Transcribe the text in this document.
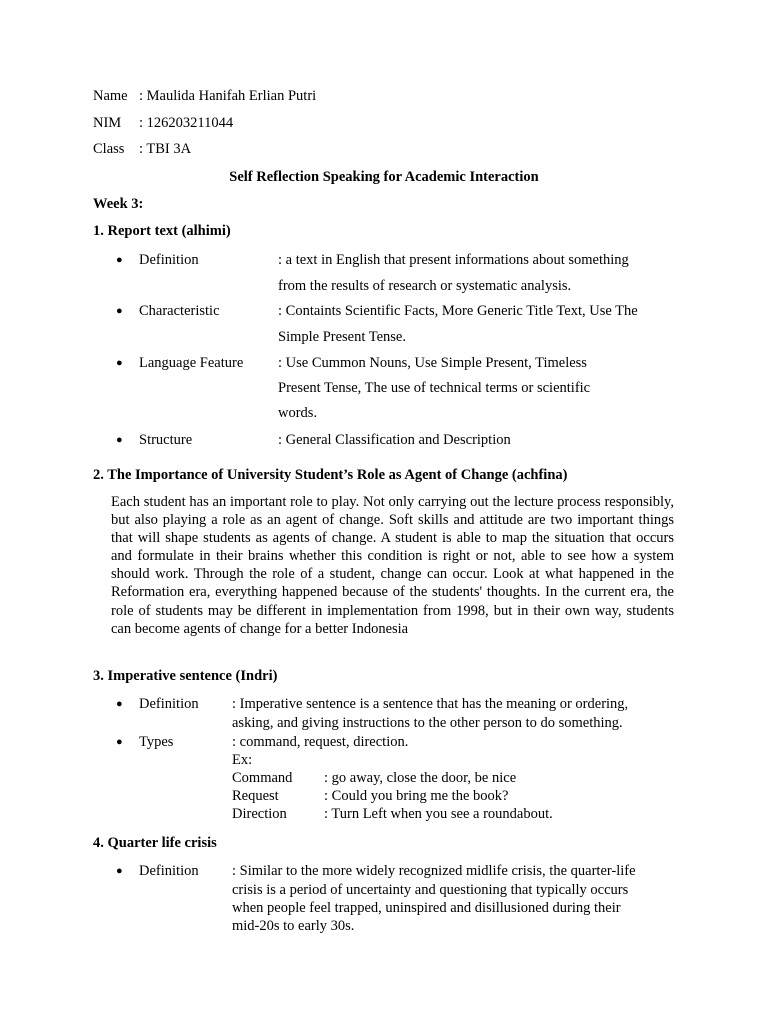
Name : Maulida Hanifah Erlian Putri
NIM : 126203211044
Class : TBI 3A
Self Reflection Speaking for Academic Interaction
Week 3:
1. Report text (alhimi)
● Definition	: a text in English that present informations about something
from the results of research or systematic analysis.
● Characteristic	: Containts Scientific Facts, More Generic Title Text, Use The
Simple Present Tense.
● Language Feature : Use Cummon Nouns, Use Simple Present, Timeless
Present Tense, The use of technical terms or scientific
words.
● Structure	: General Classification and Description
2. The Importance of University Student’s Role as Agent of Change (achfina)
Each student has an important role to play. Not only carrying out the lecture process responsibly, but also playing a role as an agent of change. Soft skills and attitude are two important things that will shape students as agents of change. A student is able to map the situation that occurs and formulate in their brains whether this condition is right or not, able to see how a system should work. Through the role of a student, change can occur. Look at what happened in the Reformation era, everything happened because of the students' thoughts. In the current era, the role of students may be different in implementation from 1998, but in their own way, students can become agents of change for a better Indonesia
3. Imperative sentence (Indri)
● Definition : Imperative sentence is a sentence that has the meaning or ordering,
asking, and giving instructions to the other person to do something.
● Types	: command, request, direction.
Ex:
Command : go away, close the door, be nice
Request	: Could you bring me the book?
Direction	: Turn Left when you see a roundabout.
4. Quarter life crisis
● Definition : Similar to the more widely recognized midlife crisis, the quarter-life
crisis is a period of uncertainty and questioning that typically occurs
when people feel trapped, uninspired and disillusioned during their
mid-20s to early 30s.
